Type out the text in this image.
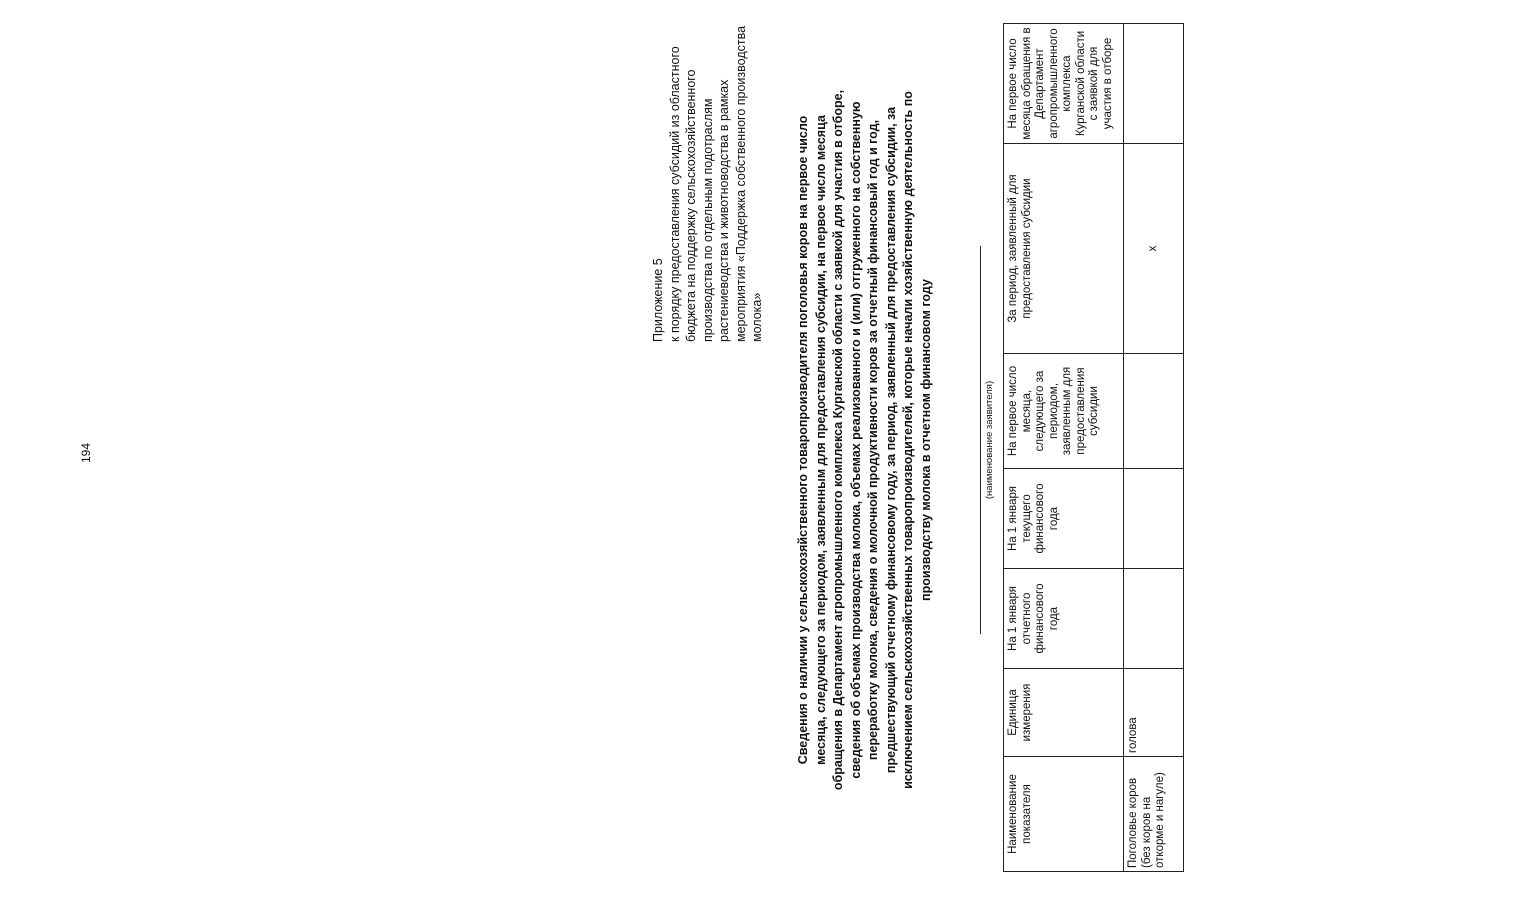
194
Приложение 5 к порядку предоставления субсидий из областного бюджета на поддержку сельскохозяйственного производства по отдельным подотраслям растениеводства и животноводства в рамках мероприятия «Поддержка собственного производства молока»	Сведения о наличии у сельскохозяйственного товаропроизводителя поголовья коров на первое число месяца, следующего за периодом, заявленным для предоставления субсидии, на первое число месяца обращения в Департамент агропромышленного комплекса Курганской области с заявкой для участия в отборе, сведения об объемах производства молока, объемах реализованного и (или) отгруженного на собственную переработку молока, сведения о молочной продуктивности коров за отчетный финансовый год и год, предшествующий отчетному финансовому году, за период, заявленный для предоставления субсидии, за исключением сельскохозяйственных товаропроизводителей, которые начали хозяйственную деятельность по производству молока в отчетном финансовом году	(наименование заявителя)
Наименование показателя	Единица измерения	На 1 января отчетного финансового года	На 1 января текущего финансового года	На первое число месяца, следующего за периодом, заявленным для предоставления субсидии	За период, заявленный для предоставления субсидии	На первое число месяца обращения в Департамент агропромышленного комплекса Курганской области с заявкой для участия в отборе

Поголовье коров (без коров на откорме и нагуле)	голова				x	
